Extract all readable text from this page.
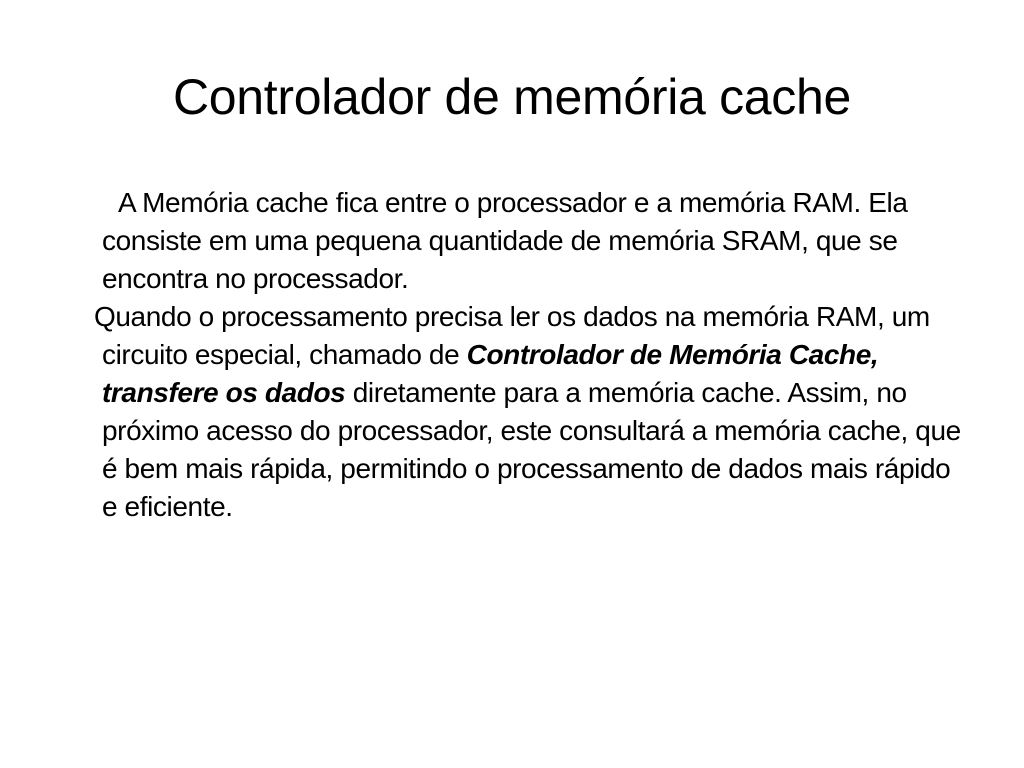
Controlador de memória cache

A Memória cache fica entre o processador e a memória RAM. Ela consiste em uma pequena quantidade de memória SRAM, que se encontra no processador.

Quando o processamento precisa ler os dados na memória RAM, um circuito especial, chamado de Controlador de Memória Cache, transfere os dados diretamente para a memória cache. Assim, no próximo acesso do processador, este consultará a memória cache, que é bem mais rápida, permitindo o processamento de dados mais rápido e eficiente.
